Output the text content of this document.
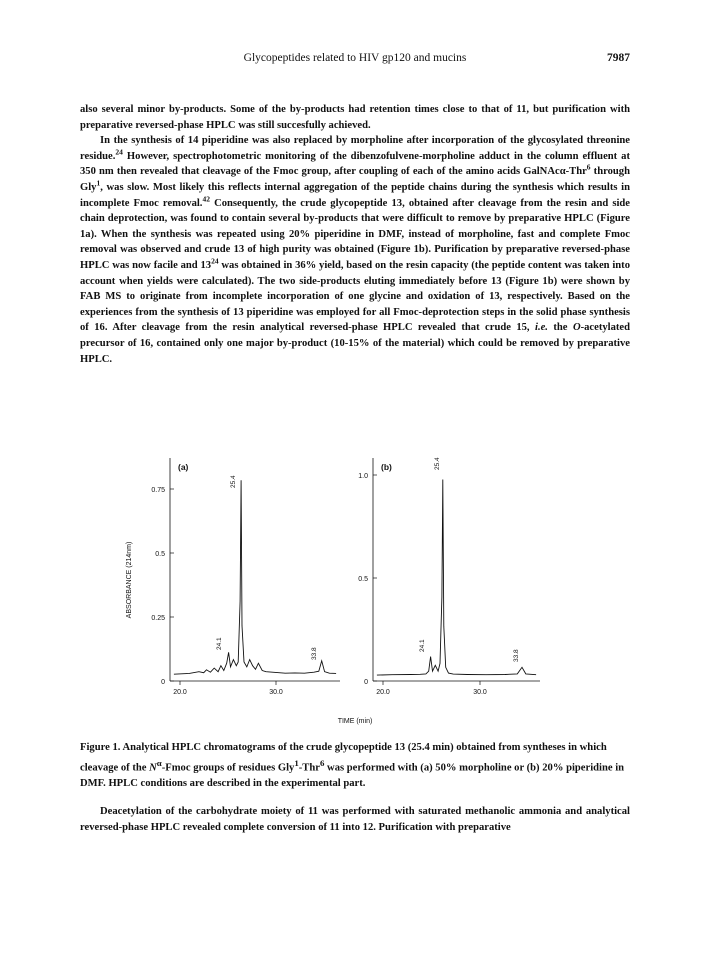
Glycopeptides related to HIV gp120 and mucins	7987

also several minor by-products. Some of the by-products had retention times close to that of 11, but purification with preparative reversed-phase HPLC was still succesfully achieved.

In the synthesis of 14 piperidine was also replaced by morpholine after incorporation of the glycosylated threonine residue.$^{24}$ However, spectrophotometric monitoring of the dibenzofulvene-morpholine adduct in the column effluent at 350 nm then revealed that cleavage of the Fmoc group, after coupling of each of the amino acids GalNAcα-Thr$^6$ through Gly$^1$, was slow. Most likely this reflects internal aggregation of the peptide chains during the synthesis which results in incomplete Fmoc removal.$^{42}$ Consequently, the crude glycopeptide 13, obtained after cleavage from the resin and side chain deprotection, was found to contain several by-products that were difficult to remove by preparative HPLC (Figure 1a). When the synthesis was repeated using 20% piperidine in DMF, instead of morpholine, fast and complete Fmoc removal was observed and crude 13 of high purity was obtained (Figure 1b). Purification by preparative reversed-phase HPLC was now facile and $13^{24}$ was obtained in 36% yield, based on the resin capacity (the peptide content was taken into account when yields were calculated). The two side-products eluting immediately before 13 (Figure 1b) were shown by FAB MS to originate from incomplete incorporation of one glycine and oxidation of 13, respectively. Based on the experiences from the synthesis of 13 piperidine was employed for all Fmoc-deprotection steps in the solid phase synthesis of 16. After cleavage from the resin analytical reversed-phase HPLC revealed that crude 15, i.e. the O-acetylated precursor of 16, contained only one major by-product (10-15% of the material) which could be removed by preparative HPLC.

ABSORBANCE (214nm)
TIME (min)
(a)
0
0.25
0.5
0.75
20.0	30.0
24.1
25.4
33.8
(b)
0
0.5
1.0
20.0	30.0
24.1
25.4
33.8
Figure 1. Analytical HPLC chromatograms of the crude glycopeptide 13 (25.4 min) obtained from syntheses in which cleavage of the $N^\alpha$-Fmoc groups of residues Gly$^1$-Thr$^6$ was performed with (a) 50% morpholine or (b) 20% piperidine in DMF. HPLC conditions are described in the experimental part.

Deacetylation of the carbohydrate moiety of 11 was performed with saturated methanolic ammonia and analytical reversed-phase HPLC revealed complete conversion of 11 into 12. Purification with preparative
